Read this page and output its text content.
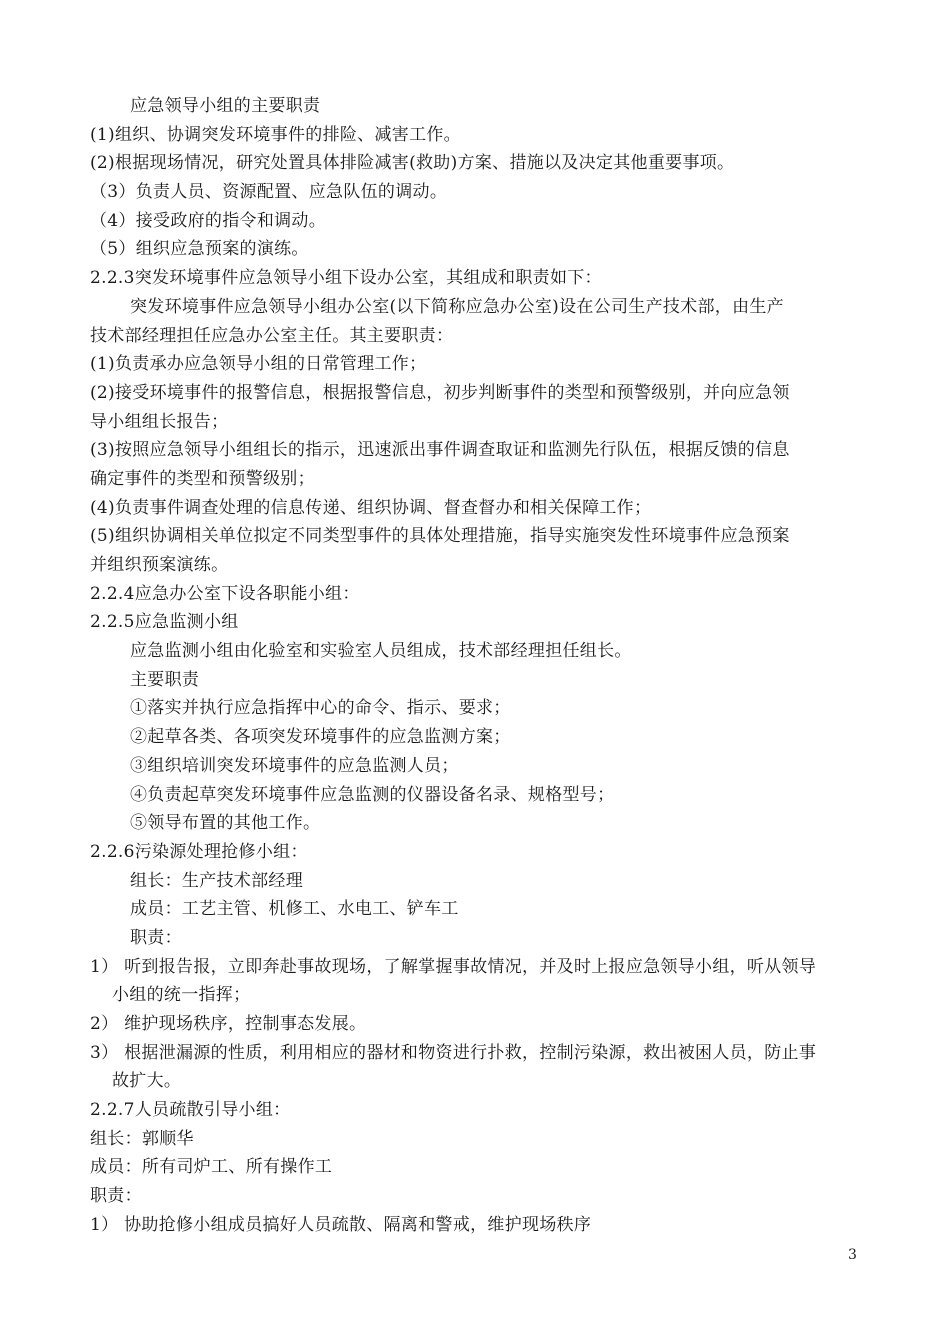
应急领导小组的主要职责
(1)组织、协调突发环境事件的排险、减害工作。
(2)根据现场情况，研究处置具体排险减害(救助)方案、措施以及决定其他重要事项。
（3）负责人员、资源配置、应急队伍的调动。
（4）接受政府的指令和调动。
（5）组织应急预案的演练。
2.2.3突发环境事件应急领导小组下设办公室，其组成和职责如下：
突发环境事件应急领导小组办公室(以下简称应急办公室)设在公司生产技术部，由生产
技术部经理担任应急办公室主任。其主要职责：
(1)负责承办应急领导小组的日常管理工作；
(2)接受环境事件的报警信息，根据报警信息，初步判断事件的类型和预警级别，并向应急领
导小组组长报告；
(3)按照应急领导小组组长的指示，迅速派出事件调查取证和监测先行队伍，根据反馈的信息
确定事件的类型和预警级别；
(4)负责事件调查处理的信息传递、组织协调、督查督办和相关保障工作；
(5)组织协调相关单位拟定不同类型事件的具体处理措施，指导实施突发性环境事件应急预案
并组织预案演练。
2.2.4应急办公室下设各职能小组：
2.2.5应急监测小组
应急监测小组由化验室和实验室人员组成，技术部经理担任组长。
主要职责
①落实并执行应急指挥中心的命令、指示、要求；
②起草各类、各项突发环境事件的应急监测方案；
③组织培训突发环境事件的应急监测人员；
④负责起草突发环境事件应急监测的仪器设备名录、规格型号；
⑤领导布置的其他工作。
2.2.6污染源处理抢修小组：
组长：生产技术部经理
成员：工艺主管、机修工、水电工、铲车工
职责：
1） 听到报告报，立即奔赴事故现场，了解掌握事故情况，并及时上报应急领导小组，听从领导
小组的统一指挥；
2） 维护现场秩序，控制事态发展。
3） 根据泄漏源的性质，利用相应的器材和物资进行扑救，控制污染源，救出被困人员，防止事
故扩大。
2.2.7人员疏散引导小组：
组长：郭顺华
成员：所有司炉工、所有操作工
职责：
1） 协助抢修小组成员搞好人员疏散、隔离和警戒，维护现场秩序
3
